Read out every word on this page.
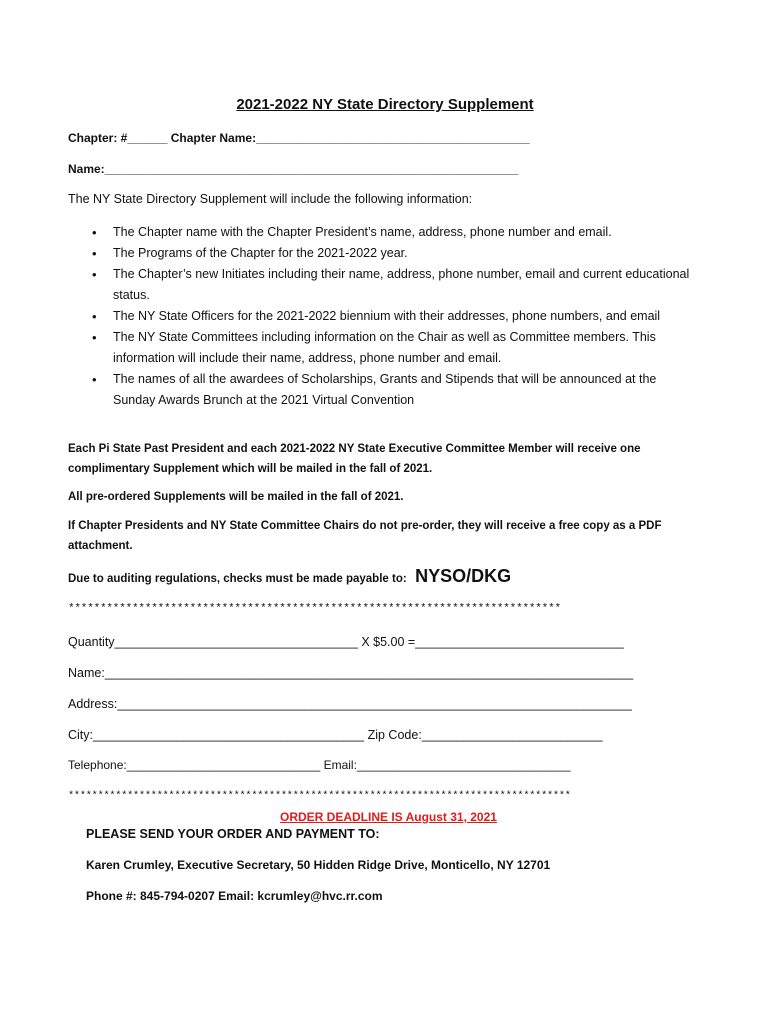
2021-2022 NY State Directory Supplement
Chapter: #______ Chapter Name:_________________________________________
Name:______________________________________________________________
The NY State Directory Supplement will include the following information:
• The Chapter name with the Chapter President’s name, address, phone number and email.
• The Programs of the Chapter for the 2021-2022 year.
• The Chapter’s new Initiates including their name, address, phone number, email and current educational status.
• The NY State Officers for the 2021-2022 biennium with their addresses, phone numbers, and email
• The NY State Committees including information on the Chair as well as Committee members. This information will include their name, address, phone number and email.
• The names of all the awardees of Scholarships, Grants and Stipends that will be announced at the Sunday Awards Brunch at the 2021 Virtual Convention
Each Pi State Past President and each 2021-2022 NY State Executive Committee Member will receive one complimentary Supplement which will be mailed in the fall of 2021.
All pre-ordered Supplements will be mailed in the fall of 2021.
If Chapter Presidents and NY State Committee Chairs do not pre-order, they will receive a free copy as a PDF attachment.
Due to auditing regulations, checks must be made payable to: NYSO/DKG
*****************************************************************************
Quantity___________________________________ X $5.00 =______________________________
Name:____________________________________________________________________________
Address:__________________________________________________________________________
City:_______________________________________ Zip Code:__________________________
Telephone:_____________________________ Email:________________________________
*************************************************************************************
ORDER DEADLINE IS August 31, 2021
PLEASE SEND YOUR ORDER AND PAYMENT TO:
Karen Crumley, Executive Secretary, 50 Hidden Ridge Drive, Monticello, NY 12701
Phone #: 845-794-0207 Email: kcrumley@hvc.rr.com
